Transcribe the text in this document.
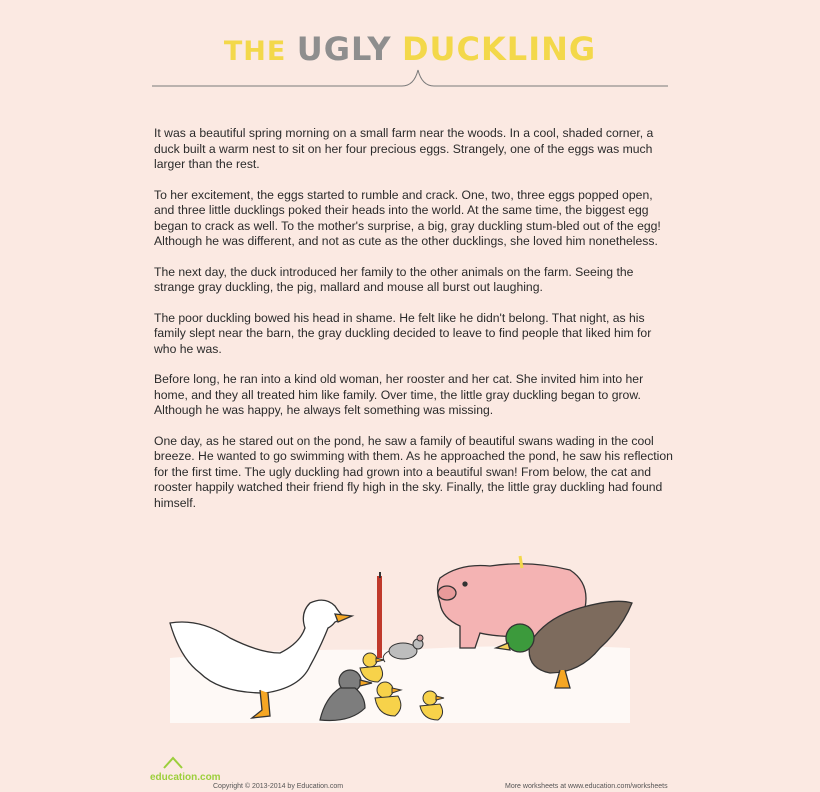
THE UGLY DUCKLING

It was a beautiful spring morning on a small farm near the woods. In a cool, shaded corner, a duck built a warm nest to sit on her four precious eggs. Strangely, one of the eggs was much larger than the rest.

To her excitement, the eggs started to rumble and crack. One, two, three eggs popped open, and three little ducklings poked their heads into the world. At the same time, the biggest egg began to crack as well. To the mother's surprise, a big, gray duckling stum-bled out of the egg! Although he was different, and not as cute as the other ducklings, she loved him nonetheless.

The next day, the duck introduced her family to the other animals on the farm. Seeing the strange gray duckling, the pig, mallard and mouse all burst out laughing.

The poor duckling bowed his head in shame. He felt like he didn't belong. That night, as his family slept near the barn, the gray duckling decided to leave to find people that liked him for who he was.

Before long, he ran into a kind old woman, her rooster and her cat. She invited him into her home, and they all treated him like family. Over time, the little gray duckling began to grow. Although he was happy, he always felt something was missing.

One day, as he stared out on the pond, he saw a family of beautiful swans wading in the cool breeze. He wanted to go swimming with them. As he approached the pond, he saw his reflection for the first time. The ugly duckling had grown into a beautiful swan! From below, the cat and rooster happily watched their friend fly high in the sky. Finally, the little gray duckling had found himself.

education.com
Copyright © 2013-2014 by Education.com	More worksheets at www.education.com/worksheets
